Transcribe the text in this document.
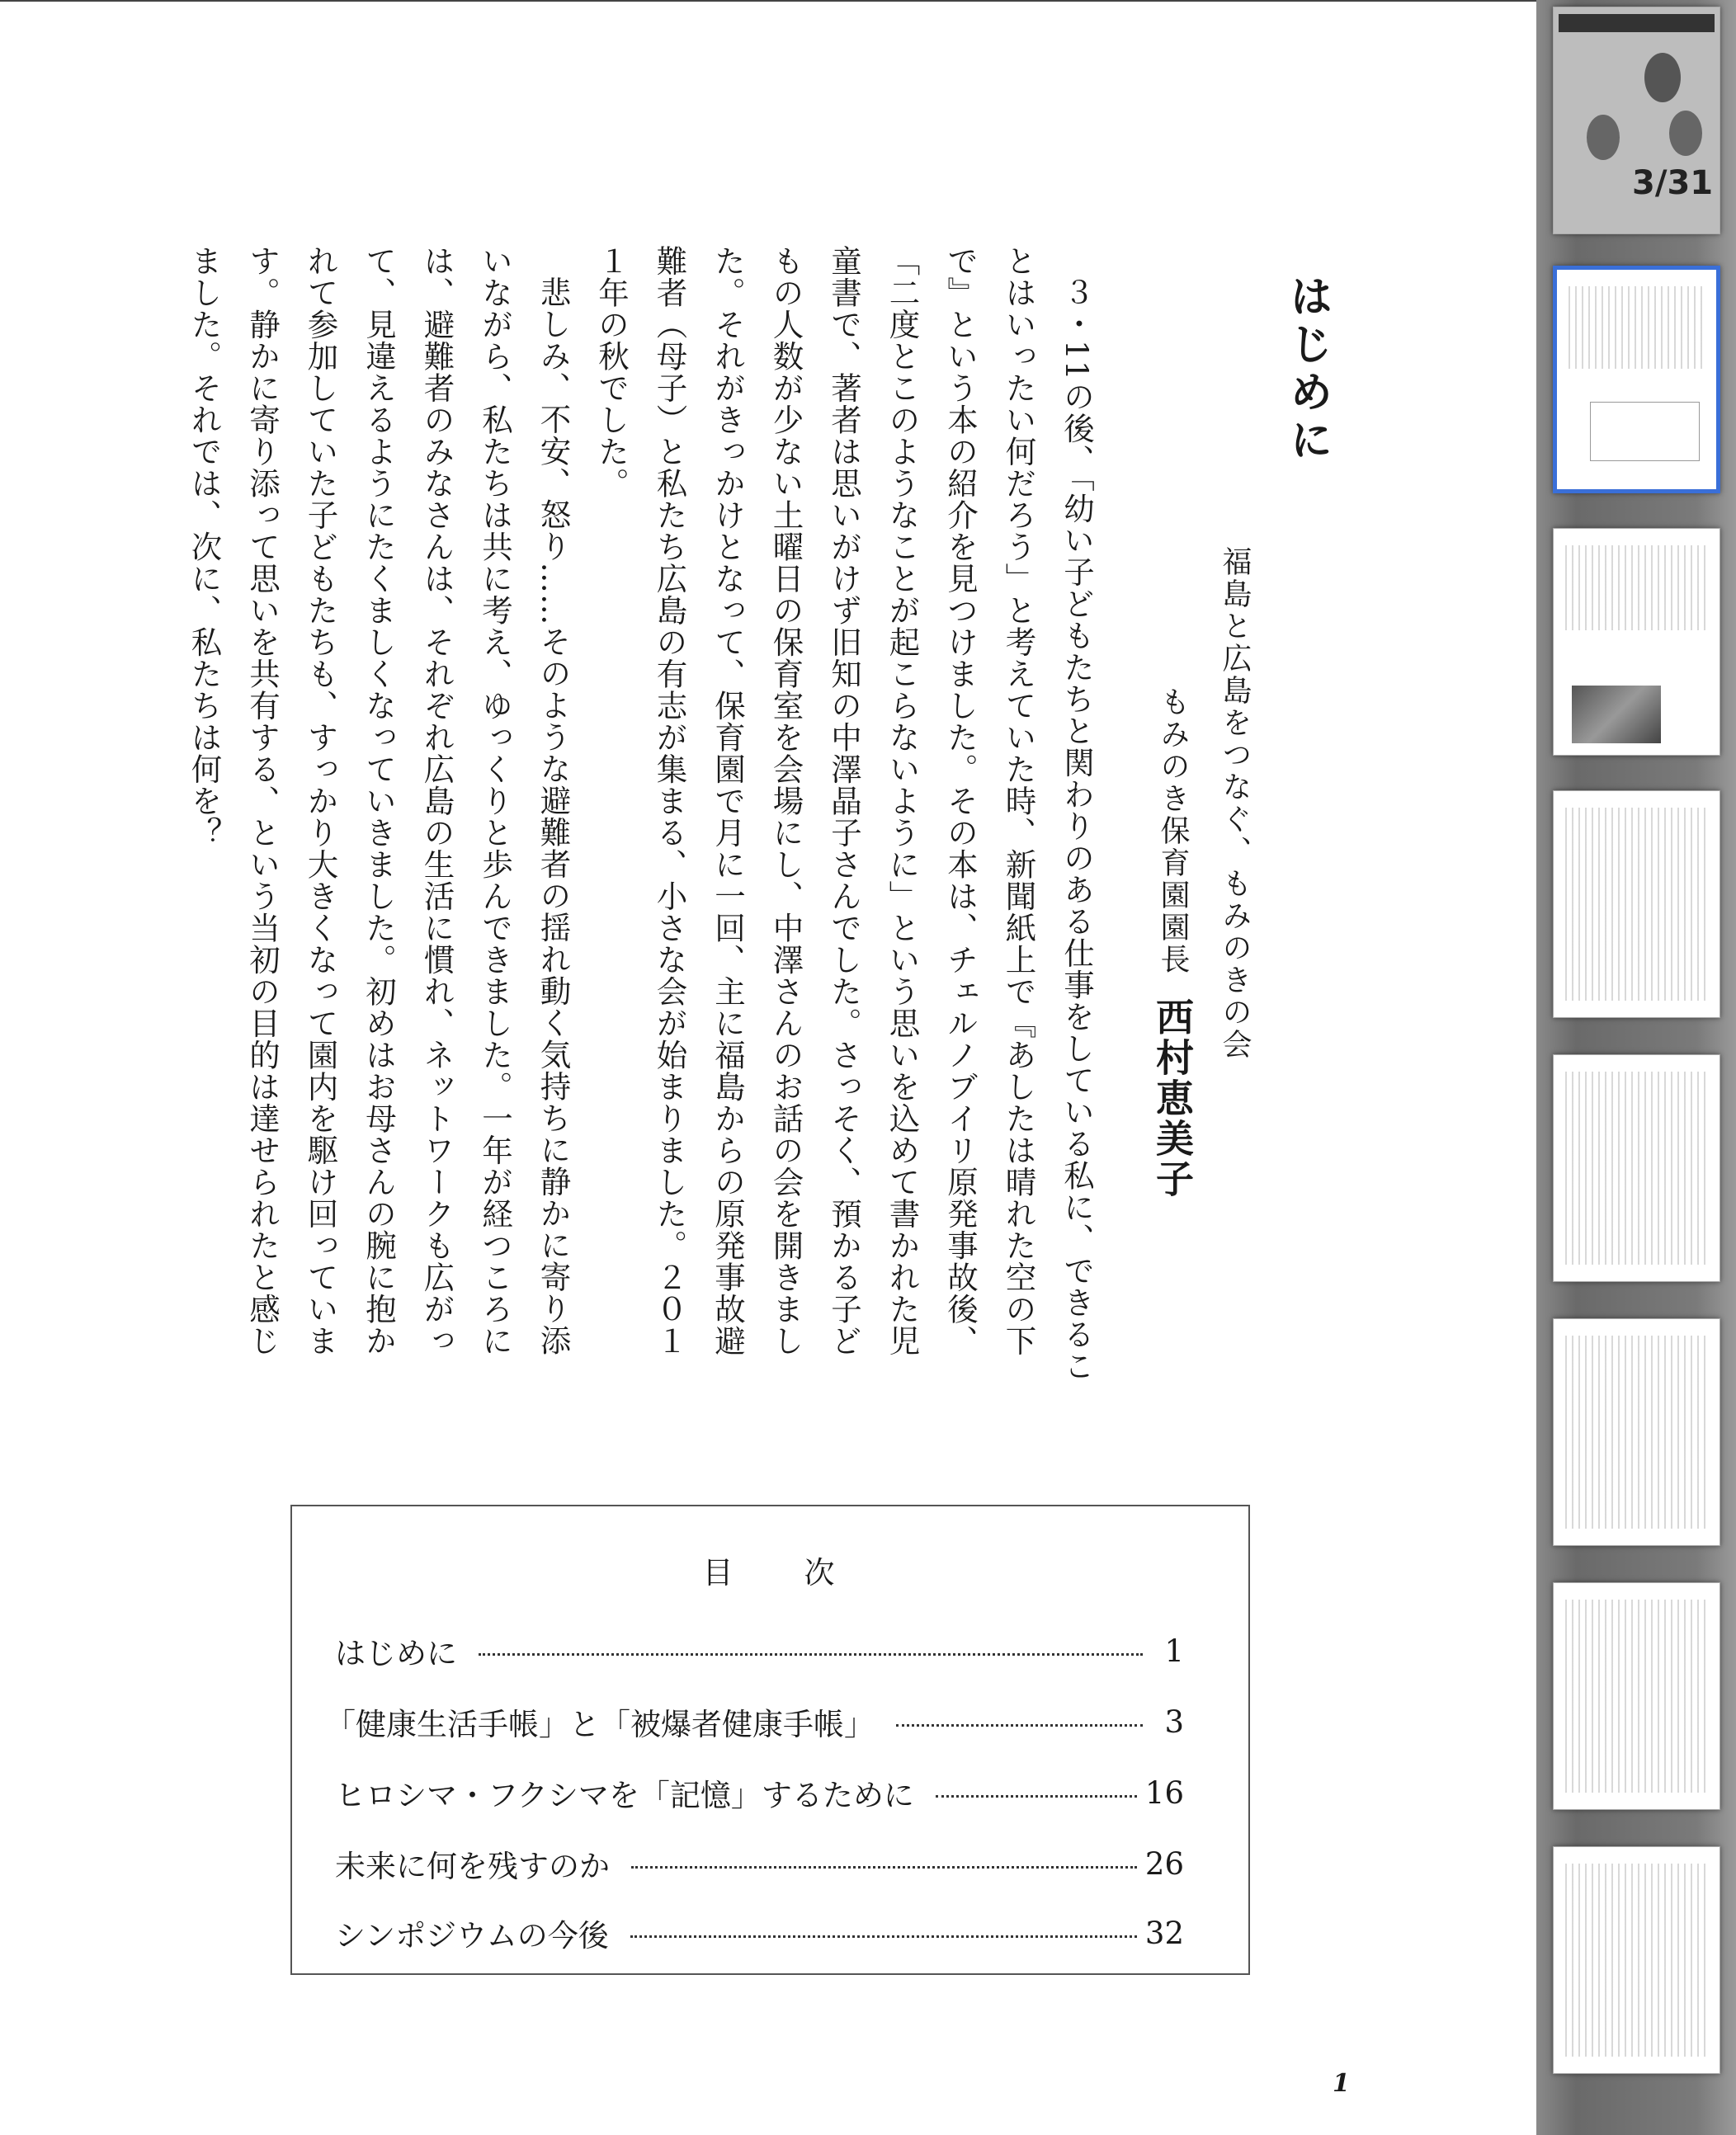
はじめに
福島と広島をつなぐ、もみのきの会
もみのき保育園園長西村恵美子

３・11の後、「幼い子どもたちと関わりのある仕事をしている私に、できることはいったい何だろう」と考えていた時、新聞紙上で『あしたは晴れた空の下で』という本の紹介を見つけました。その本は、チェルノブイリ原発事故後、「二度とこのようなことが起こらないように」という思いを込めて書かれた児童書で、著者は思いがけず旧知の中澤晶子さんでした。さっそく、預かる子どもの人数が少ない土曜日の保育室を会場にし、中澤さんのお話の会を開きました。それがきっかけとなって、保育園で月に一回、主に福島からの原発事故避難者（母子）と私たち広島の有志が集まる、小さな会が始まりました。２０１１年の秋でした。

悲しみ、不安、怒り……そのような避難者の揺れ動く気持ちに静かに寄り添いながら、私たちは共に考え、ゆっくりと歩んできました。一年が経つころには、避難者のみなさんは、それぞれ広島の生活に慣れ、ネットワークも広がって、見違えるようにたくましくなっていきました。初めはお母さんの腕に抱かれて参加していた子どもたちも、すっかり大きくなって園内を駆け回っています。静かに寄り添って思いを共有する、という当初の目的は達せられたと感じました。それでは、次に、私たちは何を？

目　　次
はじめに	1
「健康生活手帳」と「被爆者健康手帳」	3
ヒロシマ・フクシマを「記憶」するために	16
未来に何を残すのか	26
シンポジウムの今後	32
1
3/31
